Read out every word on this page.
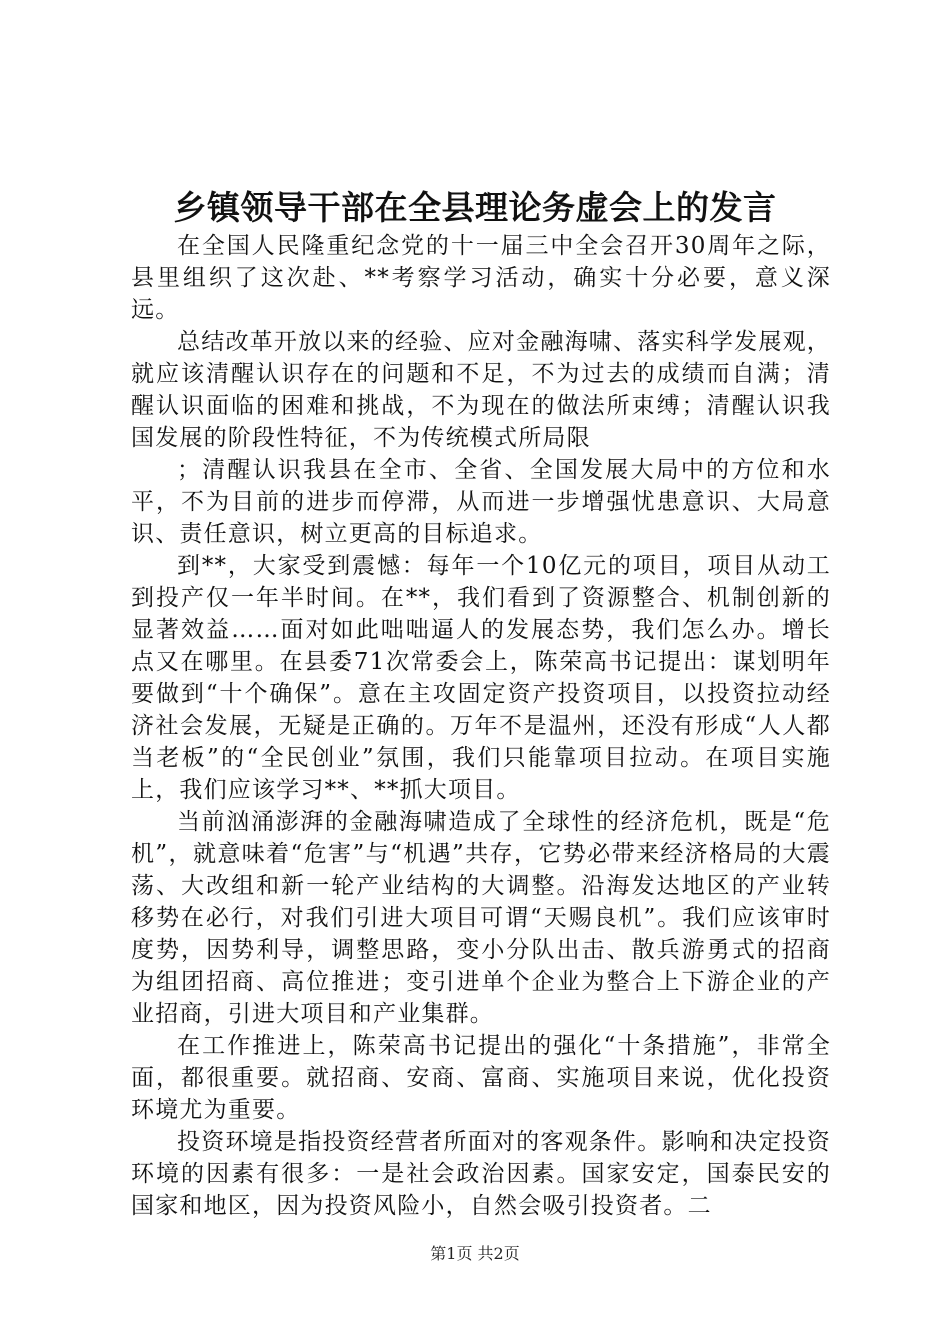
乡镇领导干部在全县理论务虚会上的发言

在全国人民隆重纪念党的十一届三中全会召开30周年之际，县里组织了这次赴、**考察学习活动，确实十分必要，意义深远。

总结改革开放以来的经验、应对金融海啸、落实科学发展观，就应该清醒认识存在的问题和不足，不为过去的成绩而自满；清醒认识面临的困难和挑战，不为现在的做法所束缚；清醒认识我国发展的阶段性特征，不为传统模式所局限

；清醒认识我县在全市、全省、全国发展大局中的方位和水平，不为目前的进步而停滞，从而进一步增强忧患意识、大局意识、责任意识，树立更高的目标追求。

到**，大家受到震憾：每年一个10亿元的项目，项目从动工到投产仅一年半时间。在**，我们看到了资源整合、机制创新的显著效益……面对如此咄咄逼人的发展态势，我们怎么办。增长点又在哪里。在县委71次常委会上，陈荣高书记提出：谋划明年要做到“十个确保”。意在主攻固定资产投资项目，以投资拉动经济社会发展，无疑是正确的。万年不是温州，还没有形成“人人都当老板”的“全民创业”氛围，我们只能靠项目拉动。在项目实施上，我们应该学习**、**抓大项目。

当前汹涌澎湃的金融海啸造成了全球性的经济危机，既是“危机”，就意味着“危害”与“机遇”共存，它势必带来经济格局的大震荡、大改组和新一轮产业结构的大调整。沿海发达地区的产业转移势在必行，对我们引进大项目可谓“天赐良机”。我们应该审时度势，因势利导，调整思路，变小分队出击、散兵游勇式的招商为组团招商、高位推进；变引进单个企业为整合上下游企业的产业招商，引进大项目和产业集群。

在工作推进上，陈荣高书记提出的强化“十条措施”，非常全面，都很重要。就招商、安商、富商、实施项目来说，优化投资环境尤为重要。

投资环境是指投资经营者所面对的客观条件。影响和决定投资环境的因素有很多：一是社会政治因素。国家安定，国泰民安的国家和地区，因为投资风险小，自然会吸引投资者。二

第1页 共2页
